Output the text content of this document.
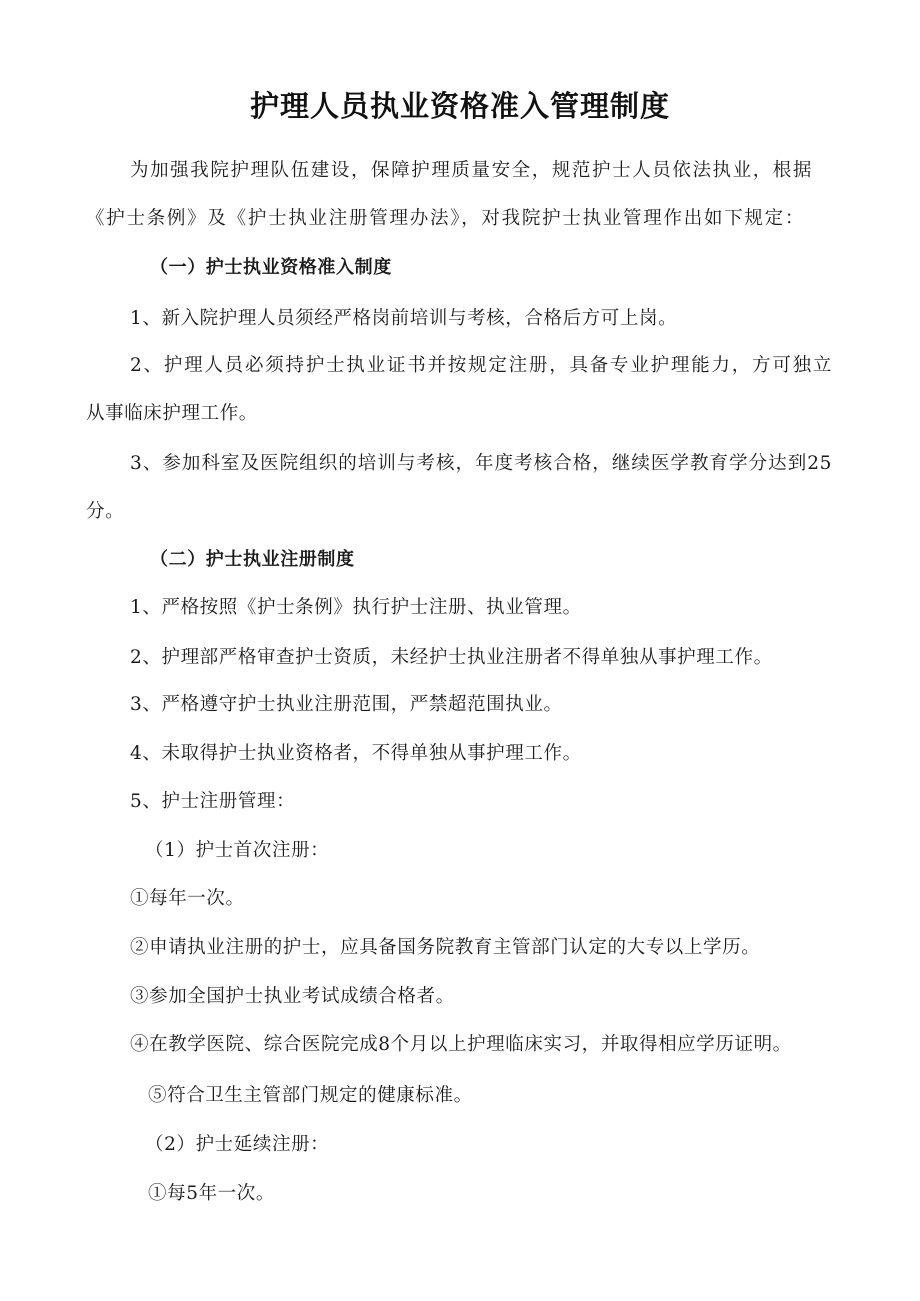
护理人员执业资格准入管理制度
为加强我院护理队伍建设，保障护理质量安全，规范护士人员依法执业，根据
《护士条例》及《护士执业注册管理办法》，对我院护士执业管理作出如下规定：
（一）护士执业资格准入制度
1、新入院护理人员须经严格岗前培训与考核，合格后方可上岗。
2、护理人员必须持护士执业证书并按规定注册，具备专业护理能力，方可独立
从事临床护理工作。
3、参加科室及医院组织的培训与考核，年度考核合格，继续医学教育学分达到25
分。
（二）护士执业注册制度
1、严格按照《护士条例》执行护士注册、执业管理。
2、护理部严格审查护士资质，未经护士执业注册者不得单独从事护理工作。
3、严格遵守护士执业注册范围，严禁超范围执业。
4、未取得护士执业资格者，不得单独从事护理工作。
5、护士注册管理：
（1）护士首次注册：
①每年一次。
②申请执业注册的护士，应具备国务院教育主管部门认定的大专以上学历。
③参加全国护士执业考试成绩合格者。
④在教学医院、综合医院完成8个月以上护理临床实习，并取得相应学历证明。
⑤符合卫生主管部门规定的健康标准。
（2）护士延续注册：
①每5年一次。
